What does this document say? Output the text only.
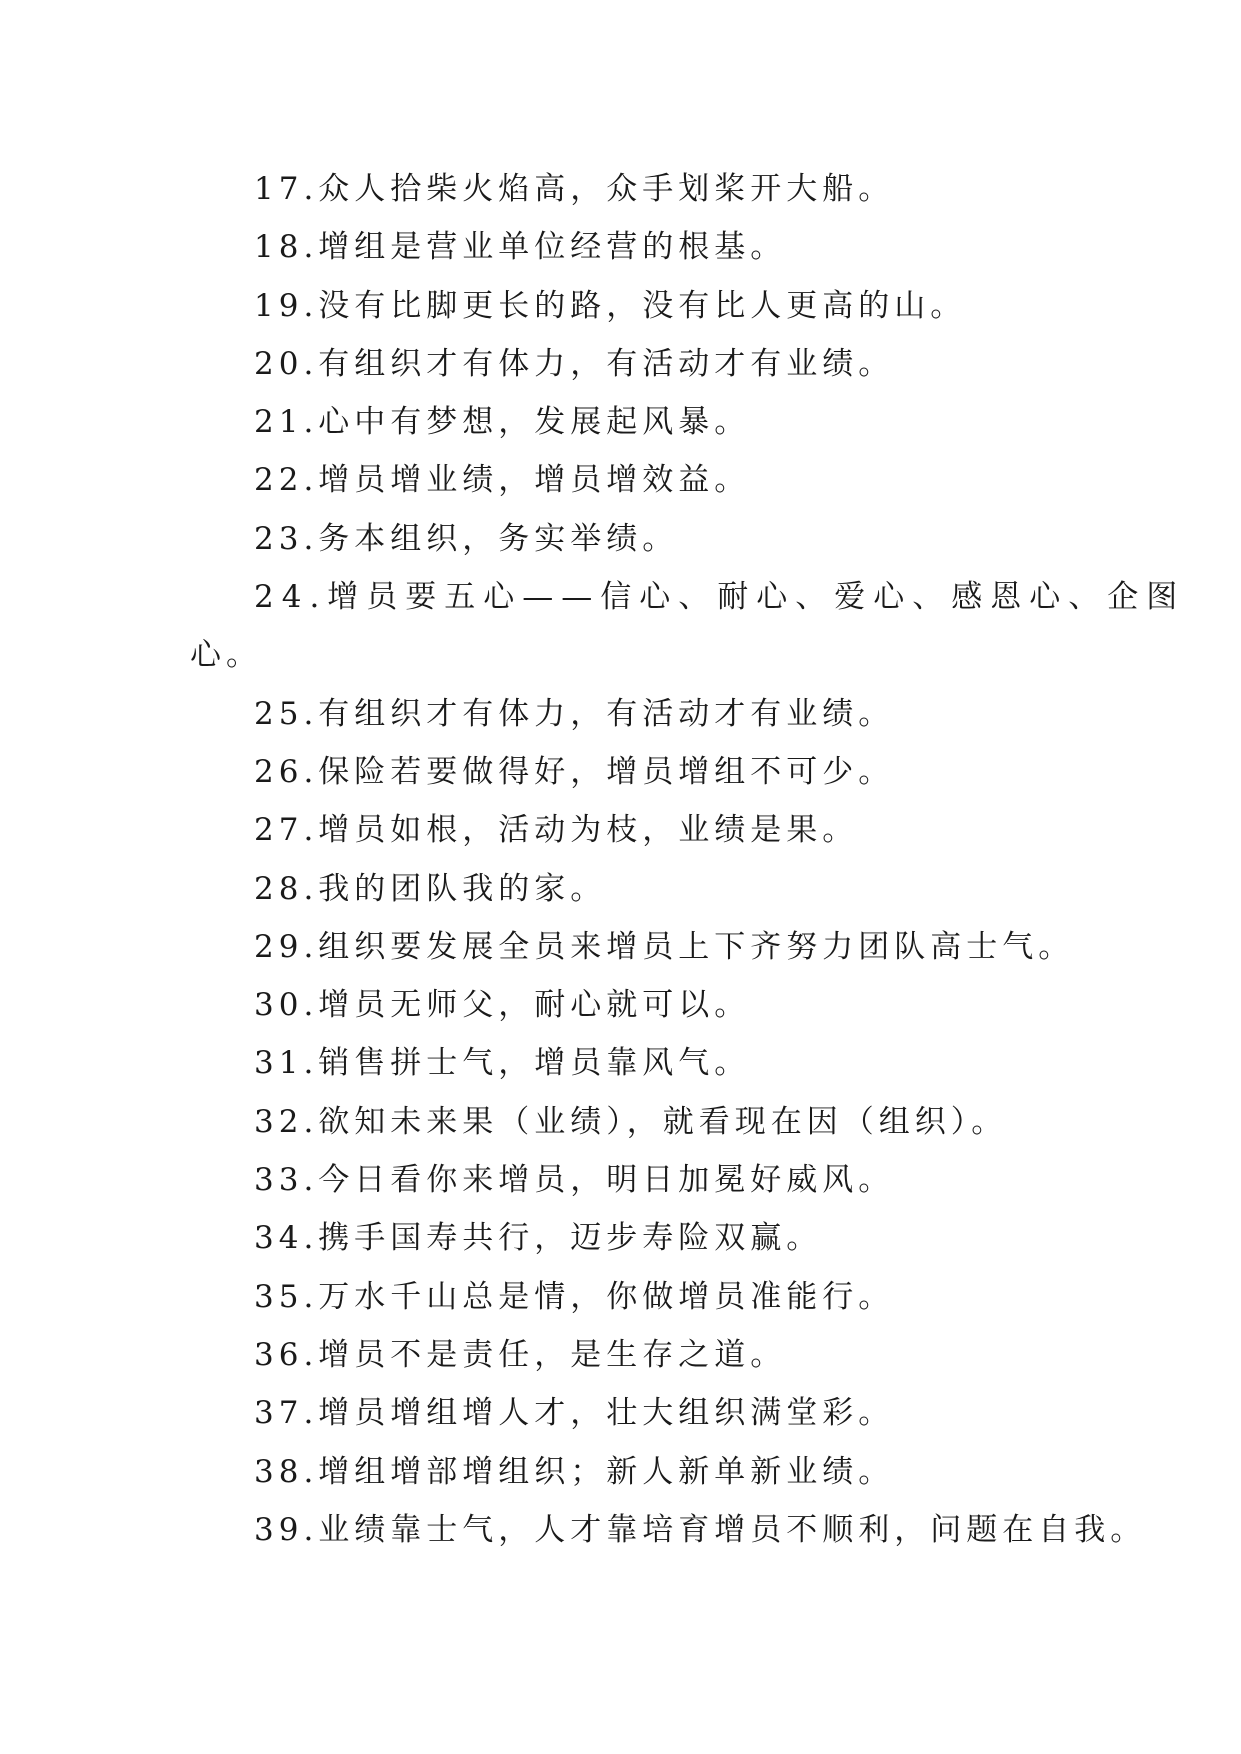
17.众人拾柴火焰高，众手划桨开大船。
18.增组是营业单位经营的根基。
19.没有比脚更长的路，没有比人更高的山。
20.有组织才有体力，有活动才有业绩。
21.心中有梦想，发展起风暴。
22.增员增业绩，增员增效益。
23.务本组织，务实举绩。
24.增员要五心——信心、耐心、爱心、感恩心、企图
心。
25.有组织才有体力，有活动才有业绩。
26.保险若要做得好，增员增组不可少。
27.增员如根，活动为枝，业绩是果。
28.我的团队我的家。
29.组织要发展全员来增员上下齐努力团队高士气。
30.增员无师父，耐心就可以。
31.销售拼士气，增员靠风气。
32.欲知未来果（业绩），就看现在因（组织）。
33.今日看你来增员，明日加冕好威风。
34.携手国寿共行，迈步寿险双赢。
35.万水千山总是情，你做增员准能行。
36.增员不是责任，是生存之道。
37.增员增组增人才，壮大组织满堂彩。
38.增组增部增组织；新人新单新业绩。
39.业绩靠士气，人才靠培育增员不顺利，问题在自我。
